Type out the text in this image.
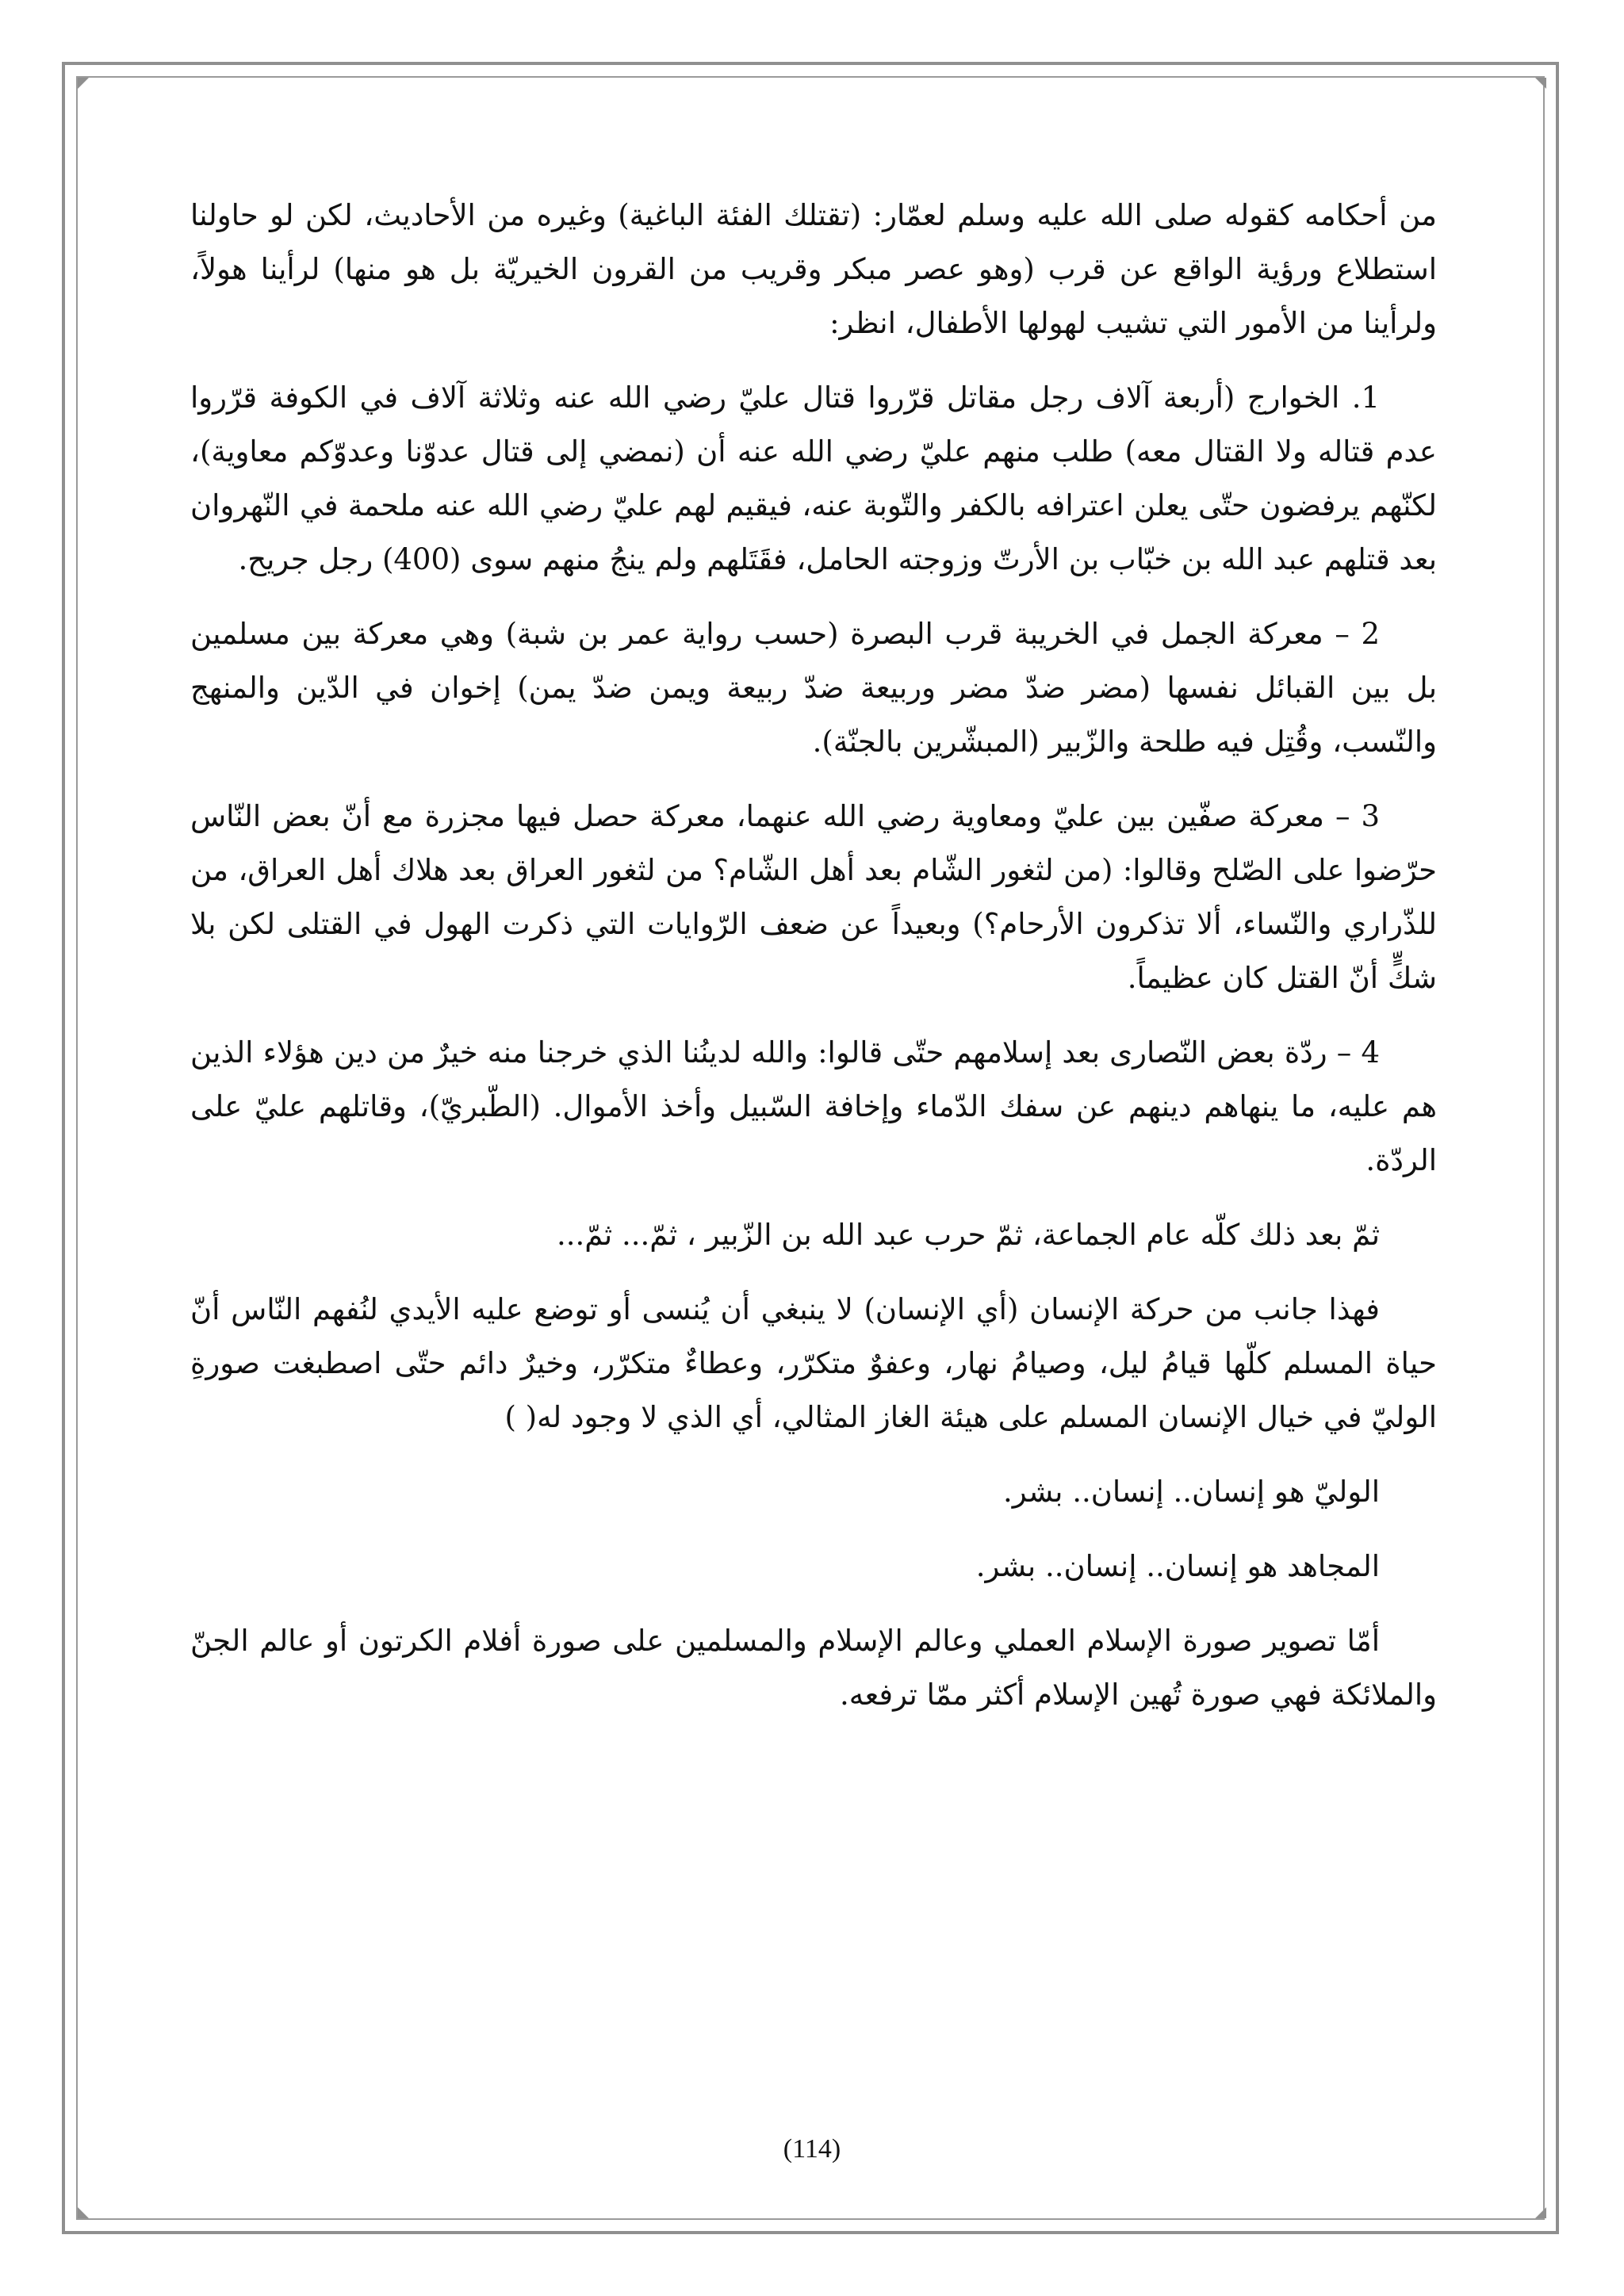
من أحكامه كقوله صلى الله عليه وسلم لعمّار: (تقتلك الفئة الباغية) وغيره من الأحاديث، لكن لو حاولنا استطلاع ورؤية الواقع عن قرب (وهو عصر مبكر وقريب من القرون الخيريّة بل هو منها) لرأينا هولاً، ولرأينا من الأمور التي تشيب لهولها الأطفال، انظر:

1. الخوارج (أربعة آلاف رجل مقاتل قرّروا قتال عليّ رضي الله عنه وثلاثة آلاف في الكوفة قرّروا عدم قتاله ولا القتال معه) طلب منهم عليّ رضي الله عنه أن (نمضي إلى قتال عدوّنا وعدوّكم معاوية)، لكنّهم يرفضون حتّى يعلن اعترافه بالكفر والتّوبة عنه، فيقيم لهم عليّ رضي الله عنه ملحمة في النّهروان بعد قتلهم عبد الله بن خبّاب بن الأرتّ وزوجته الحامل، فقَتَلهم ولم ينجُ منهم سوى (400) رجل جريح.

2 – معركة الجمل في الخريبة قرب البصرة (حسب رواية عمر بن شبة) وهي معركة بين مسلمين بل بين القبائل نفسها (مضر ضدّ مضر وربيعة ضدّ ربيعة ويمن ضدّ يمن) إخوان في الدّين والمنهج والنّسب، وقُتِل فيه طلحة والزّبير (المبشّرين بالجنّة).

3 – معركة صفّين بين عليّ ومعاوية رضي الله عنهما، معركة حصل فيها مجزرة مع أنّ بعض النّاس حرّضوا على الصّلح وقالوا: (من لثغور الشّام بعد أهل الشّام؟ من لثغور العراق بعد هلاك أهل العراق، من للذّراري والنّساء، ألا تذكرون الأرحام؟) وبعيداً عن ضعف الرّوايات التي ذكرت الهول في القتلى لكن بلا شكٍّ أنّ القتل كان عظيماً.

4 – ردّة بعض النّصارى بعد إسلامهم حتّى قالوا: والله لدينُنا الذي خرجنا منه خيرٌ من دين هؤلاء الذين هم عليه، ما ينهاهم دينهم عن سفك الدّماء وإخافة السّبيل وأخذ الأموال. (الطّبريّ)، وقاتلهم عليّ على الردّة.

ثمّ بعد ذلك كلّه عام الجماعة، ثمّ حرب عبد الله بن الزّبير ، ثمّ... ثمّ...

فهذا جانب من حركة الإنسان (أي الإنسان) لا ينبغي أن يُنسى أو توضع عليه الأيدي لنُفهم النّاس أنّ حياة المسلم كلّها قيامُ ليل، وصيامُ نهار، وعفوٌ متكرّر، وعطاءٌ متكرّر، وخيرٌ دائم حتّى اصطبغت صورةِ الوليّ في خيال الإنسان المسلم على هيئة الغاز المثالي، أي الذي لا وجود له( )

الوليّ هو إنسان.. إنسان.. بشر.

المجاهد هو إنسان.. إنسان.. بشر.

أمّا تصوير صورة الإسلام العملي وعالم الإسلام والمسلمين على صورة أفلام الكرتون أو عالم الجنّ والملائكة فهي صورة تُهين الإسلام أكثر ممّا ترفعه.

(114)
